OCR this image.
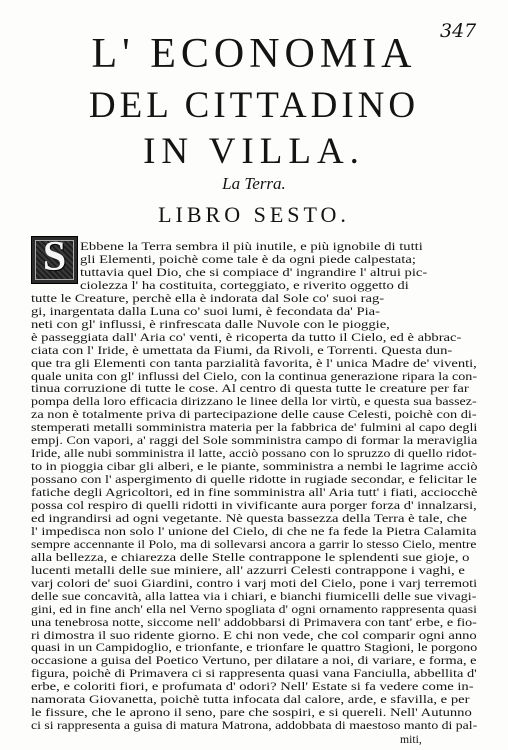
347
L' ECONOMIA
DEL CITTADINO
IN VILLA.
La Terra.
LIBRO SESTO.
S	Ebbene la Terra sembra il più inutile, e più ignobile di tutti
gli Elementi, poichè come tale è da ogni piede calpestata;
tuttavia quel Dio, che si compiace d' ingrandire l' altrui pic-
ciolezza l' ha costituita, corteggiato, e riverito oggetto di
tutte le Creature, perchè ella è indorata dal Sole co' suoi rag-
gi, inargentata dalla Luna co' suoi lumi, è fecondata da' Pia-
neti con gl' influssi, è rinfrescata dalle Nuvole con le pioggie,
è passeggiata dall' Aria co' venti, è ricoperta da tutto il Cielo, ed è abbrac-
ciata con l' Iride, è umettata da Fiumi, da Rivoli, e Torrenti. Questa dun-
que tra gli Elementi con tanta parzialità favorita, è l' unica Madre de' viventi,
quale unita con gl' influssi del Cielo, con la continua generazione ripara la con-
tinua corruzione di tutte le cose. Al centro di questa tutte le creature per far
pompa della loro efficacia dirizzano le linee della lor virtù, e questa sua bassez-
za non è totalmente priva di partecipazione delle cause Celesti, poichè con di-
stemperati metalli somministra materia per la fabbrica de' fulmini al capo degli
empj. Con vapori, a' raggi del Sole somministra campo di formar la meraviglia
Iride, alle nubi somministra il latte, acciò possano con lo spruzzo di quello ridot-
to in pioggia cibar gli alberi, e le piante, somministra a nembi le lagrime acciò
possano con l' aspergimento di quelle ridotte in rugiade secondar, e felicitar le
fatiche degli Agricoltori, ed in fine somministra all' Aria tutt' i fiati, acciocchè
possa col respiro di quelli ridotti in vivificante aura porger forza d' innalzarsi,
ed ingrandirsi ad ogni vegetante. Nè questa bassezza della Terra è tale, che
l' impedisca non solo l' unione del Cielo, di che ne fa fede la Pietra Calamita
sempre accennante il Polo, ma di sollevarsi ancora a garrir lo stesso Cielo, mentre
alla bellezza, e chiarezza delle Stelle contrappone le splendenti sue gioje, o
lucenti metalli delle sue miniere, all' azzurri Celesti contrappone i vaghi, e
varj colori de' suoi Giardini, contro i varj moti del Cielo, pone i varj terremoti
delle sue concavità, alla lattea via i chiari, e bianchi fiumicelli delle sue vivagi-
gini, ed in fine anch' ella nel Verno spogliata d' ogni ornamento rappresenta quasi
una tenebrosa notte, siccome nell' addobbarsi di Primavera con tant' erbe, e fio-
ri dimostra il suo ridente giorno. E chi non vede, che col comparir ogni anno
quasi in un Campidoglio, e trionfante, e trionfare le quattro Stagioni, le porgono
occasione a guisa del Poetico Vertuno, per dilatare a noi, di variare, e forma, e
figura, poichè di Primavera ci si rappresenta quasi vana Fanciulla, abbellita d'
erbe, e coloriti fiori, e profumata d' odori? Nell' Estate si fa vedere come in-
namorata Giovanetta, poichè tutta infocata dal calore, arde, e sfavilla, e per
le fissure, che le aprono il seno, pare che sospiri, e si quereli. Nell' Autunno
ci si rappresenta a guisa di matura Matrona, addobbata di maestoso manto di pal-
miti,
